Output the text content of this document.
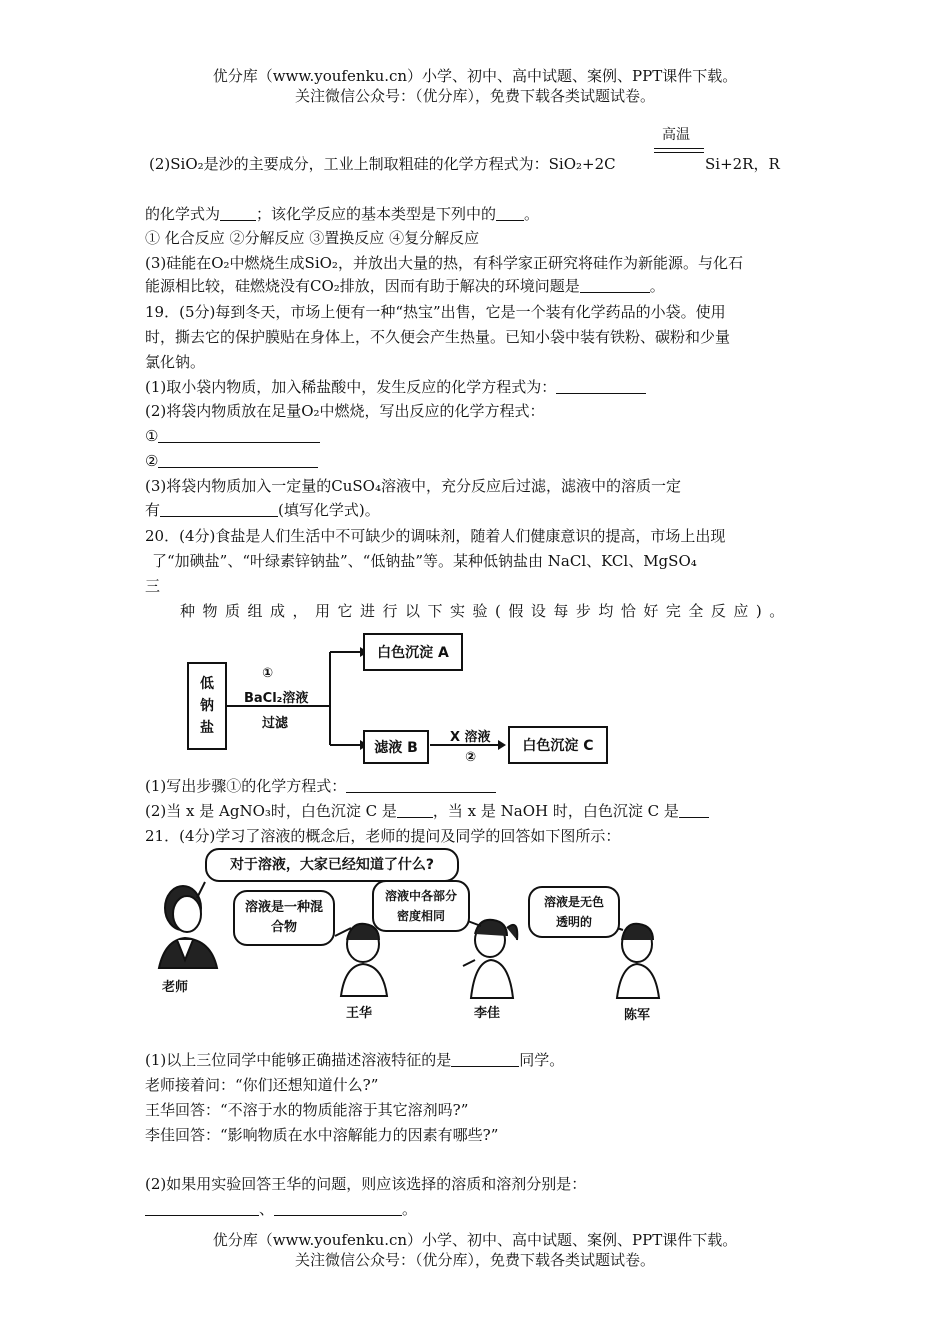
优分库（www.youfenku.cn）小学、初中、高中试题、案例、PPT课件下载。
关注微信公众号：（优分库），免费下载各类试题试卷。
高温
(2)SiO₂是沙的主要成分，工业上制取粗硅的化学方程式为：SiO₂+2C	Si+2R，R
的化学式为 ；该化学反应的基本类型是下列中的 。
① 化合反应 ②分解反应 ③置换反应 ④复分解反应
(3)硅能在O₂中燃烧生成SiO₂，并放出大量的热，有科学家正研究将硅作为新能源。与化石
能源相比较，硅燃烧没有CO₂排放，因而有助于解决的环境问题是	。
19．(5分)每到冬天，市场上便有一种“热宝”出售，它是一个装有化学药品的小袋。使用
时，撕去它的保护膜贴在身体上，不久便会产生热量。已知小袋中装有铁粉、碳粉和少量
氯化钠。
(1)取小袋内物质，加入稀盐酸中，发生反应的化学方程式为：
(2)将袋内物质放在足量O₂中燃烧，写出反应的化学方程式：
①
②
(3)将袋内物质加入一定量的CuSO₄溶液中，充分反应后过滤，滤液中的溶质一定
有	(填写化学式)。
20．(4分)食盐是人们生活中不可缺少的调味剂，随着人们健康意识的提高，市场上出现
了“加碘盐”、“叶绿素锌钠盐”、“低钠盐”等。某种低钠盐由 NaCl、KCl、MgSO₄
三
种物质组成，用它进行以下实验(假设每步均恰好完全反应)。
低
钠
盐
①
BaCl₂溶液
过滤
白色沉淀 A
滤液 B
X 溶液
②
白色沉淀 C
(1)写出步骤①的化学方程式：
(2)当 x 是 AgNO₃时，白色沉淀 C 是 ，当 x 是 NaOH 时，白色沉淀 C 是
21．(4分)学习了溶液的概念后，老师的提问及同学的回答如下图所示：
对于溶液，大家已经知道了什么?
溶液是一种混合物
溶液中各部分密度相同
溶液是无色透明的
老师
王华	李佳	陈军
(1)以上三位同学中能够正确描述溶液特征的是	同学。
老师接着问：“你们还想知道什么?”
王华回答：“不溶于水的物质能溶于其它溶剂吗?”
李佳回答：“影响物质在水中溶解能力的因素有哪些?”
(2)如果用实验回答王华的问题，则应该选择的溶质和溶剂分别是：
、	。
优分库（www.youfenku.cn）小学、初中、高中试题、案例、PPT课件下载。
关注微信公众号：（优分库），免费下载各类试题试卷。
